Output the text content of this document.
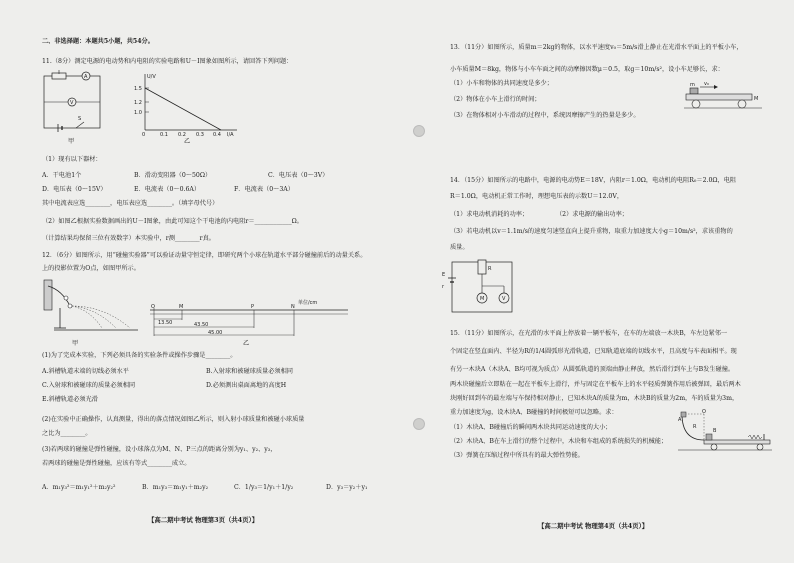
二、非选择题：本题共5小题，共54分。
11.（8分）测定电源的电动势和内电阻的实验电路和U－I图象如图所示，请回答下列问题：
A
V
S
甲
U/V
1.5
1.2
1.0
0	0.1 0.2 0.3 0.4 I/A
乙
（1）现有以下器材：
A．干电池1个	B．滑动变阻器（0～50Ω）	C．电压表（0～3V）
D．电压表（0～15V）	E．电流表（0～0.6A）	F．电流表（0～3A）
其中电流表应选________，电压表应选________。（填字母代号）
（2）如图乙根据实验数据画出的U－I图象，由此可知这个干电池的内电阻r＝____________Ω。
（计算结果均保留三位有效数字）本实验中，r测________r真。
12．（6分）如图所示，用“碰撞实验器”可以验证动量守恒定律，即研究两个小球在轨道水平部分碰撞前后的动量关系。
上的投影位置为O点，如图甲所示。
甲
O	M	P	N
单位/cm
13.50	43.50
45.00
乙
(1)为了完成本实验，下列必须具备的实验条件或操作步骤是________。
A.斜槽轨道末端的切线必须水平	B.入射球和被碰球质量必须相同
C.入射球和被碰球的质量必须相同	D.必须测出桌面离地的高度H
E.斜槽轨道必须光滑
(2)在实验中正确操作，认真测量，得出的落点情况如图乙所示，则入射小球质量和被碰小球质量
之比为________。
(3)若两球的碰撞是弹性碰撞，设小球落点为M、N、P三点的距离分别为y₁、y₂、y₃，
若两球的碰撞是弹性碰撞，应该有等式________成立。
A．m₁y₃²＝m₁y₁²＋m₂y₂²	B．m₁y₃＝m₁y₁＋m₂y₂	C．1/y₃＝1/y₁＋1/y₂	D．y₃＝y₂＋y₁
【高二期中考试 物理第3页（共4页）】
13．（11分）如图所示，质量m＝2kg的物体，以水平速度v₀＝5m/s滑上静止在光滑水平面上的平板小车，
小车质量M＝8kg，物体与小车车面之间的动摩擦因数μ＝0.5，取g＝10m/s²，设小车足够长，求：
（1）小车和物体的共同速度是多少；
（2）物体在小车上滑行的时间；
（3）在物体相对小车滑动的过程中，系统因摩擦产生的热量是多少。
m v₀
M
14．（15分）如图所示的电路中，电源的电动势E＝18V，内阻r＝1.0Ω，电动机的电阻R₀＝2.0Ω，电阻
R＝1.0Ω，电动机正常工作时，理想电压表的示数U＝12.0V，
（1）求电动机消耗的功率；	（2）求电源的输出功率；
（3）若电动机以v＝1.1m/s的速度匀速竖直向上提升重物，取重力加速度大小g＝10m/s²，求该重物的
质量。
E
r
R
M	V
15．（11分）如图所示，在光滑的水平面上停放着一辆平板车，在车的左端放一木块B，车左边紧邻一
个固定在竖直面内、半径为R的1/4圆弧形光滑轨道，已知轨道底端的切线水平，且高度与车表面相平。现
有另一木块A（木块A、B均可视为质点）从圆弧轨道的顶端由静止释放，然后滑行到车上与B发生碰撞。
两木块碰撞后立即粘在一起在平板车上滑行，并与固定在平板车上的水平轻质弹簧作用后被弹回，最后两木
块刚好回到车的最左端与车保持相对静止，已知木块A的质量为m，木块B的质量为2m，车的质量为3m，
重力加速度为g，设木块A、B碰撞的时间极短可以忽略。求：
（1）木块A、B碰撞后的瞬间两木块共同运动速度的大小；
（2）木块A、B在车上滑行的整个过程中，木块和车组成的系统损失的机械能；
（3）弹簧在压缩过程中所具有的最大弹性势能。
A
O
R
B
【高二期中考试 物理第4页（共4页）】
